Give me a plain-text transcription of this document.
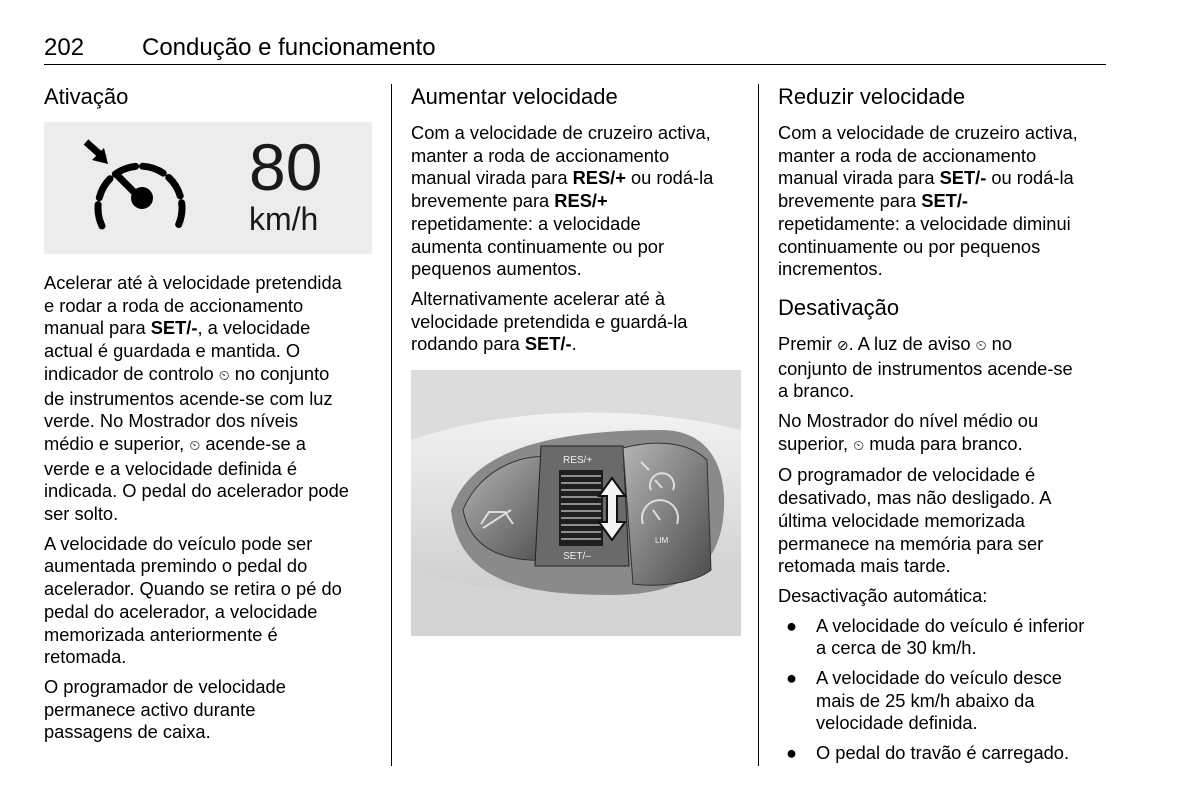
202 Condução e funcionamento
Ativação
80
km/h

Acelerar até à velocidade pretendida
e rodar a roda de accionamento
manual para SET/-, a velocidade
actual é guardada e mantida. O
indicador de controlo ⏲ no conjunto
de instrumentos acende-se com luz
verde. No Mostrador dos níveis
médio e superior, ⏲ acende-se a
verde e a velocidade definida é
indicada. O pedal do acelerador pode
ser solto.

A velocidade do veículo pode ser
aumentada premindo o pedal do
acelerador. Quando se retira o pé do
pedal do acelerador, a velocidade
memorizada anteriormente é
retomada.

O programador de velocidade
permanece activo durante
passagens de caixa.

Aumentar velocidade

Com a velocidade de cruzeiro activa,
manter a roda de accionamento
manual virada para RES/+ ou rodá-la
brevemente para RES/+
repetidamente: a velocidade
aumenta continuamente ou por
pequenos aumentos.

Alternativamente acelerar até à
velocidade pretendida e guardá-la
rodando para SET/-.

RES/+
SET/–
LIM
Reduzir velocidade

Com a velocidade de cruzeiro activa,
manter a roda de accionamento
manual virada para SET/- ou rodá-la
brevemente para SET/-
repetidamente: a velocidade diminui
continuamente ou por pequenos
incrementos.

Desativação

Premir ⊘. A luz de aviso ⏲ no
conjunto de instrumentos acende-se
a branco.

No Mostrador do nível médio ou
superior, ⏲ muda para branco.

O programador de velocidade é
desativado, mas não desligado. A
última velocidade memorizada
permanece na memória para ser
retomada mais tarde.

Desactivação automática:

● A velocidade do veículo é inferior
a cerca de 30 km/h.
● A velocidade do veículo desce
mais de 25 km/h abaixo da
velocidade definida.
● O pedal do travão é carregado.
